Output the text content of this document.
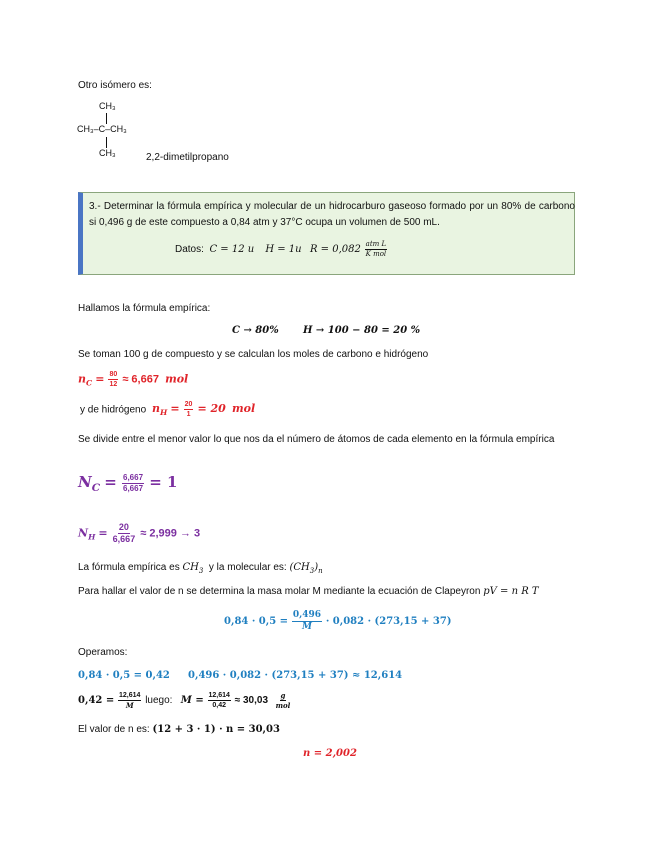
Otro isómero es:
CH₃
CH₃–C–CH₃
CH₃	2,2-dimetilpropano
3.- Determinar la fórmula empírica y molecular de un hidrocarburo gaseoso formado por un 80% de carbono si 0,496 g de este compuesto a 0,84 atm y 37°C ocupa un volumen de 500 mL.
Datos: C = 12 u H = 1u $R = 0,082 \frac{\text{atm L}}{\text{K mol}}$
Hallamos la fórmula empírica:
C → 80% H → 100 − 80 = 20 %
Se toman 100 g de compuesto y se calculan los moles de carbono e hidrógeno
$n_C = \frac{80}{12} \approx 6,667$ mol
y de hidrógeno $n_H = \frac{20}{1} = 20$ mol
Se divide entre el menor valor lo que nos da el número de átomos de cada elemento en la fórmula empírica
$N_C = \frac{6,667}{6,667} = 1$
$N_H = \frac{20}{6,667} \approx 2,999 \to 3$
La fórmula empírica es $CH_3$ y la molecular es: $(CH_3)_n$
Para hallar el valor de n se determina la masa molar M mediante la ecuación de Clapeyron pV = n R T
$0,84 \cdot 0,5 = \frac{0,496}{M} \cdot 0,082 \cdot (273,15 + 37)$
Operamos:
0,84 · 0,5 = 0,42 0,496 · 0,082 · (273,15 + 37) ≈ 12,614
$0,42 = \frac{12,614}{M}$ luego: $M = \frac{12,614}{0,42} \approx 30,03 \frac{g}{\text{mol}}$
El valor de n es: (12 + 3 · 1) · n = 30,03
n = 2,002
